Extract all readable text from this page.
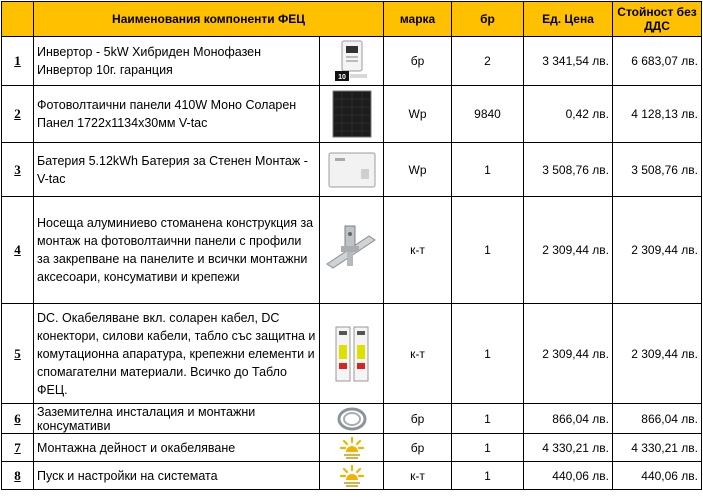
	Наименования компоненти ФЕЦ		марка	бр	Ед. Цена	Стойност без ДДС
1	Инвертор - 5kW Хибриден Монофазен Инвертор 10г. гаранция	10	бр	2	3 341,54 лв.	6 683,07 лв.
2	Фотоволтаични панели 410W Моно Соларен Панел 1722x1134x30мм V-tac		Wp	9840	0,42 лв.	4 128,13 лв.
3	Батерия 5.12kWh Батерия за Стенен Монтаж - V-tac		Wp	1	3 508,76 лв.	3 508,76 лв.
4	Носеща алуминиево стоманена конструкция за монтаж на фотоволтаични панели с профили за закрепване на панелите и всички монтажни аксесоари, консумативи и крепежи		к-т	1	2 309,44 лв.	2 309,44 лв.
5	DC. Окабеляване вкл. соларен кабел, DC конектори, силови кабели, табло със защитна и комутационна апаратура, крепежни елементи и спомагателни материали. Всичко до Табло ФЕЦ.		к-т	1	2 309,44 лв.	2 309,44 лв.
6	Заземителна инсталация и монтажни консумативи		бр	1	866,04 лв.	866,04 лв.
7	Монтажна дейност и окабеляване		бр	1	4 330,21 лв.	4 330,21 лв.
8	Пуск и настройки на системата		к-т	1	440,06 лв.	440,06 лв.
